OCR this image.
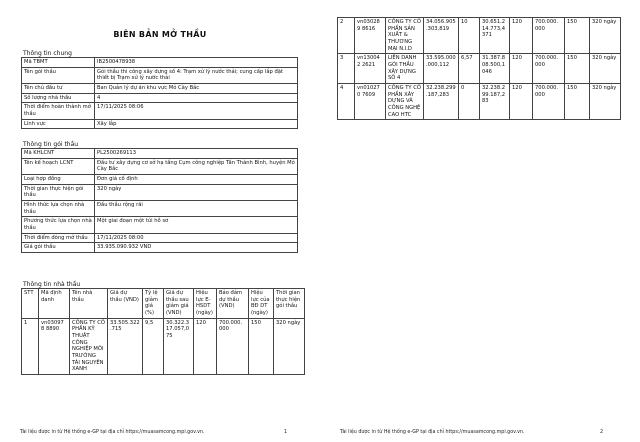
BIÊN BẢN MỞ THẦU
Thông tin chung
Mã TBMT	IB2500478938
Tên gói thầu	Gói thầu thi công xây dựng số 4: Trạm xử lý nước thải; cung cấp lắp đặt thiết bị Trạm xử lý nước thải
Tên chủ đầu tư	Ban Quản lý dự án khu vực Mỏ Cày Bắc
Số lượng nhà thầu	4
Thời điểm hoàn thành mở thầu	17/11/2025 08:06
Lĩnh vực	Xây lắp
Thông tin gói thầu
Mã KHLCNT	PL2500269113
Tên kế hoạch LCNT	Đầu tư xây dựng cơ sở hạ tầng Cụm công nghiệp Tân Thành Bình, huyện Mỏ Cày Bắc
Loại hợp đồng	Đơn giá cố định
Thời gian thực hiện gói thầu	320 ngày
Hình thức lựa chọn nhà thầu	Đấu thầu rộng rãi
Phương thức lựa chọn nhà thầu	Một giai đoạn một túi hồ sơ
Thời điểm đóng mở thầu	17/11/2025 08:00
Giá gói thầu	33.935.090.932 VND
Thông tin nhà thầu
STT	Mã định danh	Tên nhà thầu	Giá dự thầu (VND)	Tỷ lệ giảm giá (%)	Giá dự thầu sau giảm giá (VND)	Hiệu lực E-HSDT (ngày)	Bảo đảm dự thầu (VND)	Hiệu lực của BĐ DT (ngày)	Thời gian thực hiện gói thầu
1	vn030978 8890	CÔNG TY CỔ PHẦN KỸ THUẬT CÔNG NGHIỆP MÔI TRƯỜNG TÀI NGUYÊN XANH	33.505.322 .715	9,5	30.322.3 17.057,0 75	120	700.000. 000	150	320 ngày
Tài liệu được in từ Hệ thống e-GP tại địa chỉ https://muasamcong.mpi.gov.vn.	1
2	vn030289 8616	CÔNG TY CỔ PHẦN SẢN XUẤT & THƯƠNG MẠI N.I.D	34.056.905 .303,819	10	30.651.2 14.773,4 371	120	700.000. 000	150	320 ngày
3	vn130042 2621	LIÊN DANH GÓI THẦU XÂY DỰNG SỐ 4	33.595.000 .000,112	6,57	31.387.8 08.500,1 046	120	700.000. 000	150	320 ngày
4	vn010270 7609	CÔNG TY CỔ PHẦN XÂY DỰNG VÀ CÔNG NGHỆ CAO HTC	32.238.299 .187,283	0	32.238.2 99.187,2 83	120	700.000. 000	150	320 ngày
Tài liệu được in từ Hệ thống e-GP tại địa chỉ https://muasamcong.mpi.gov.vn.	2
